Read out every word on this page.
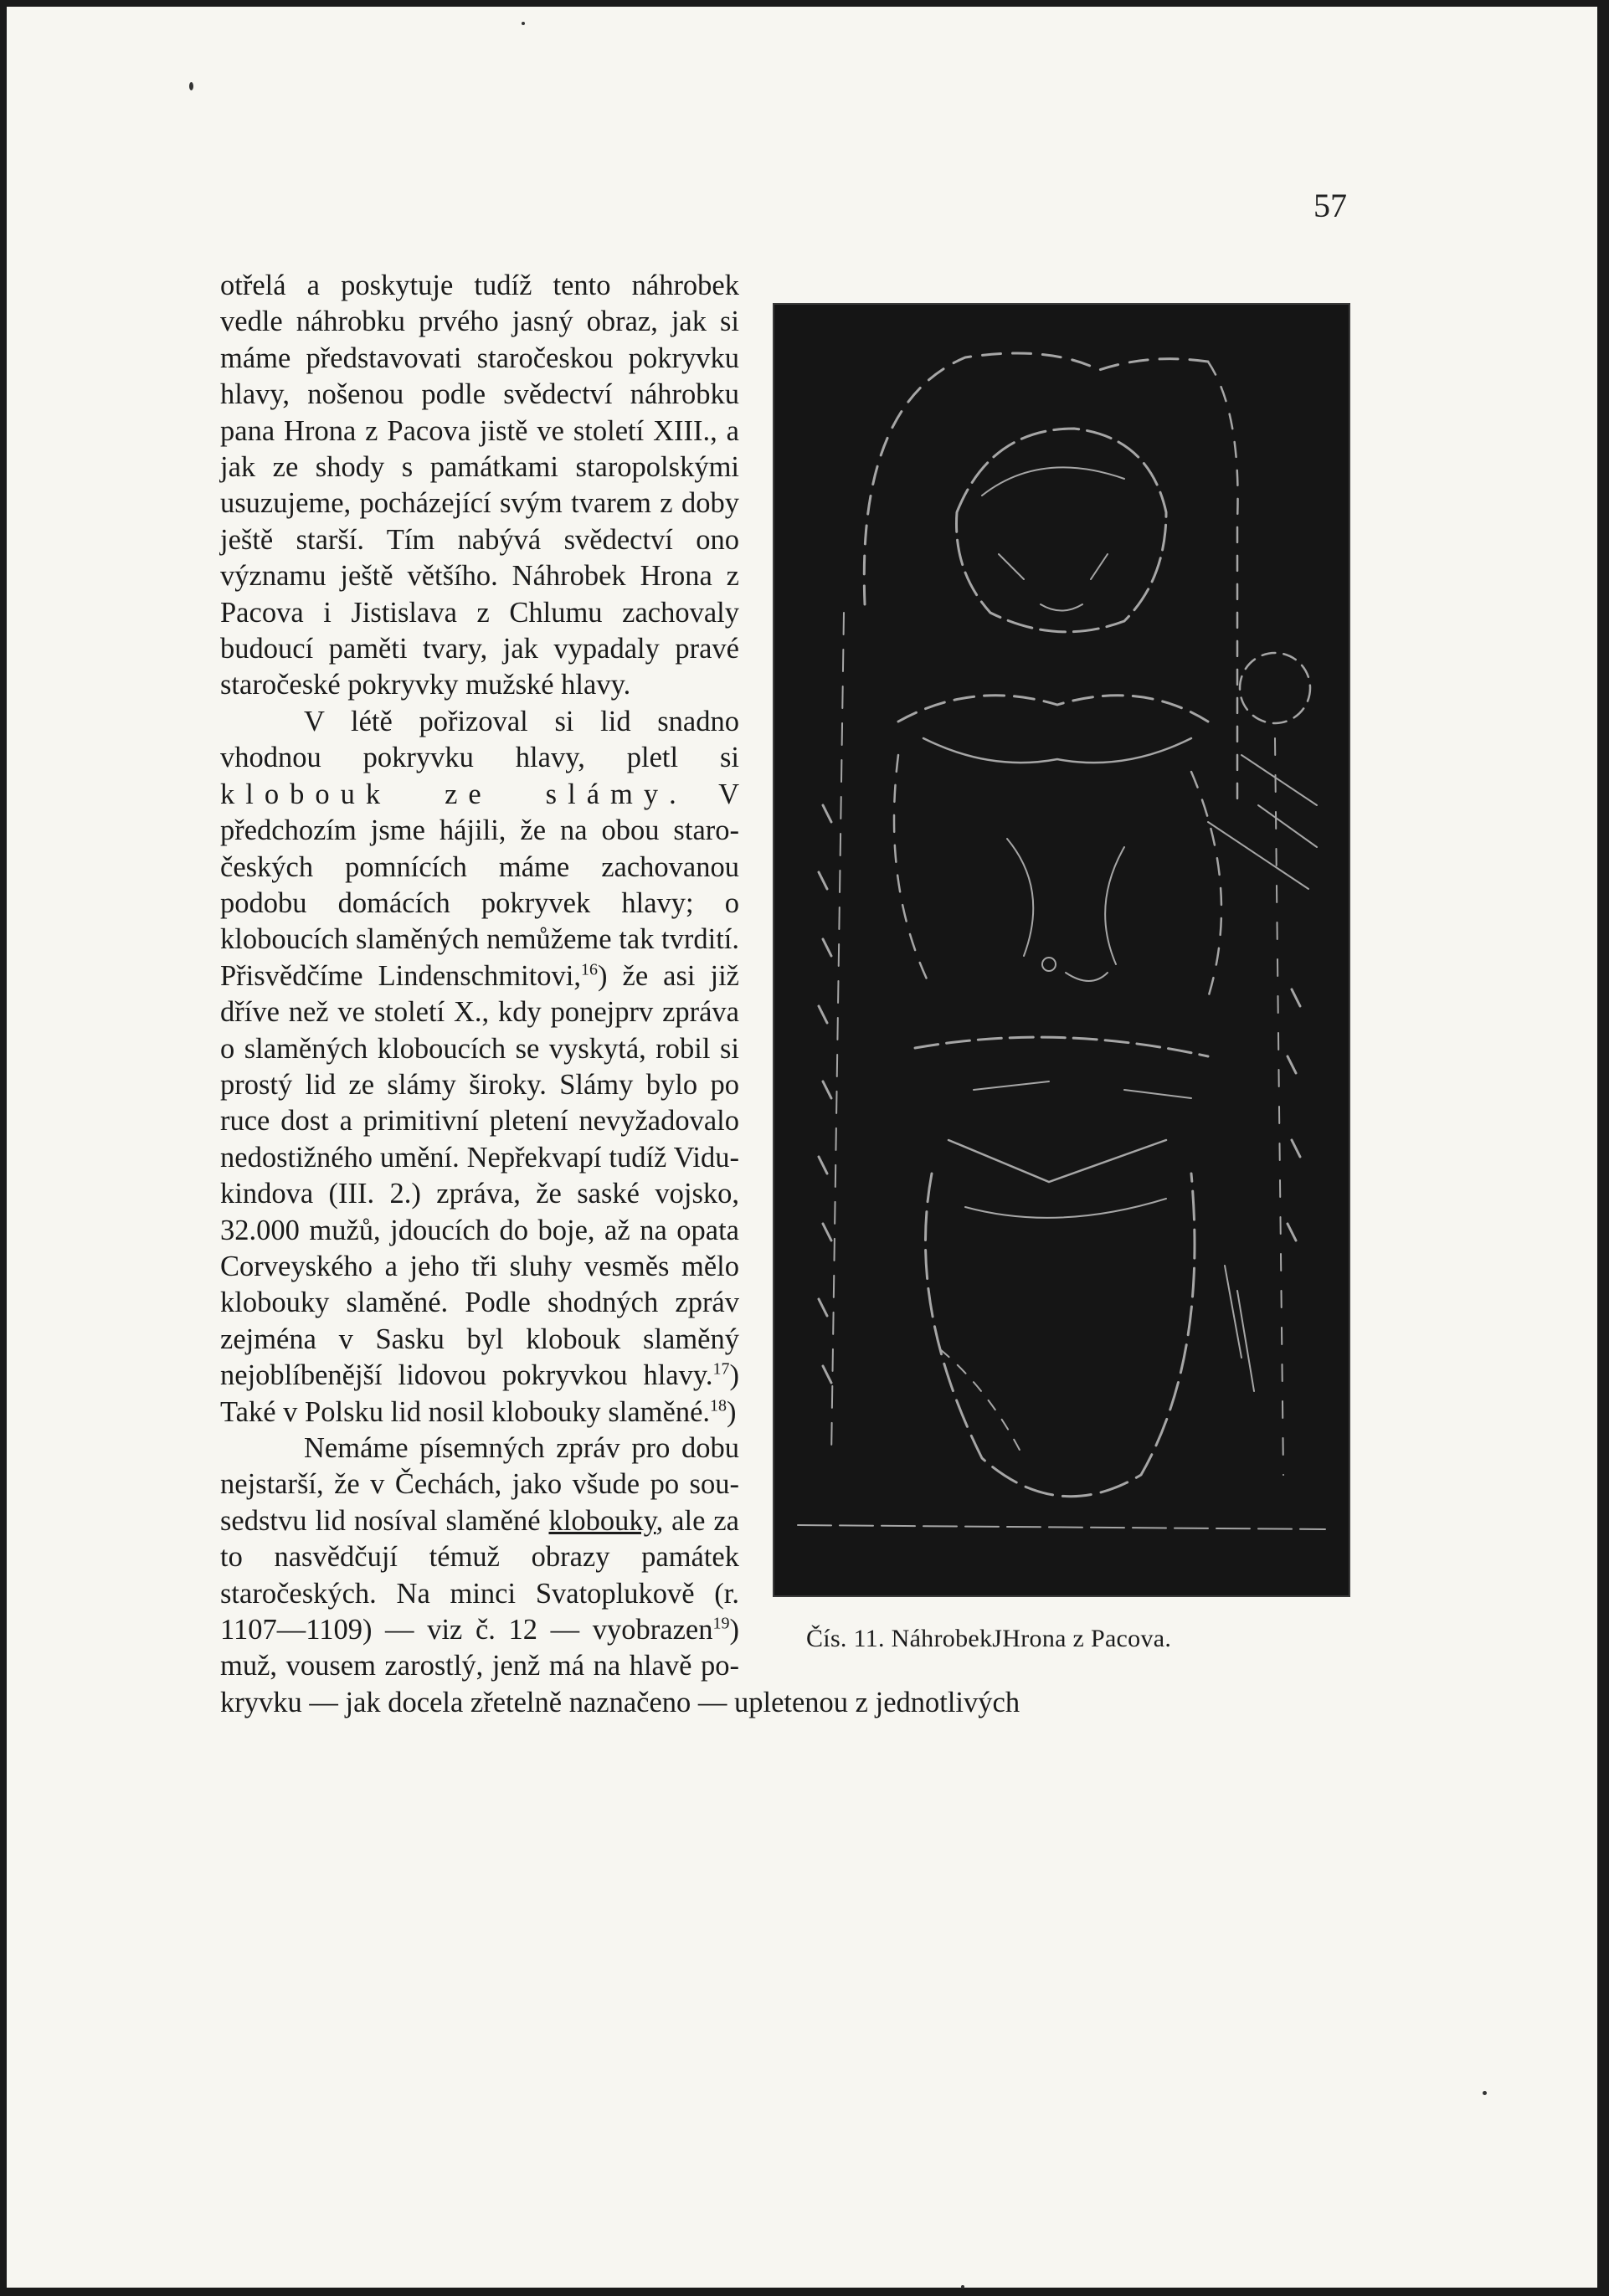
57
Čís. 11. NáhrobekJHrona z Pacova.

otřelá a poskytuje tudíž tento náhrobek vedle náhrobku prvého jasný obraz, jak si máme představovati staročeskou pokryvku hlavy, nošenou podle svědectví náhrobku pana Hrona z Pacova jistě ve století XIII., a jak ze shody s památkami staropolskými usuzujeme, pocházející svým tvarem z doby ještě starší. Tím nabývá svědectví ono významu ještě většího. Náhrobek Hrona z Pacova i Jistislava z Chlumu zachovaly budoucí paměti tvary, jak vypadaly pravé staročeské pokryvky mužské hlavy.

V létě pořizoval si lid snadno vhodnou pokryvku hlavy, pletl si klobouk ze slámy. V předchozím jsme hájili, že na obou staročeských pomnících máme zachovanou podobu domácích pokryvek hlavy; o kloboucích slaměných nemůžeme tak tvrdití. Přisvědčíme Lindenschmitovi,$^{16}$) že asi již dříve než ve století X., kdy ponejprv zpráva o slaměných kloboucích se vyskytá, robil si prostý lid ze slámy široky. Slámy bylo po ruce dost a primitivní pletení nevyžadovalo nedostižného umění. Nepřekvapí tudíž Vidukindova (III. 2.) zpráva, že saské vojsko, 32.000 mužů, jdoucích do boje, až na opata Corveyského a jeho tři sluhy vesměs mělo klobouky slaměné. Podle shodných zpráv zejména v Sasku byl klobouk slaměný nejoblíbenější lidovou pokryvkou hlavy.$^{17}$) Také v Polsku lid nosil klobouky slaměné.$^{18}$)

Nemáme písemných zpráv pro dobu nejstarší, že v Čechách, jako všude po sousedstvu lid nosíval slaměné klobouky, ale za to nasvědčují témuž obrazy památek staročeských. Na minci Svatoplukově (r. 1107—1109) — viz č. 12 — vyobrazen$^{19}$) muž, vousem zarostlý, jenž má na hlavě pokryvku — jak docela zřetelně naznačeno — upletenou z jednotlivých
